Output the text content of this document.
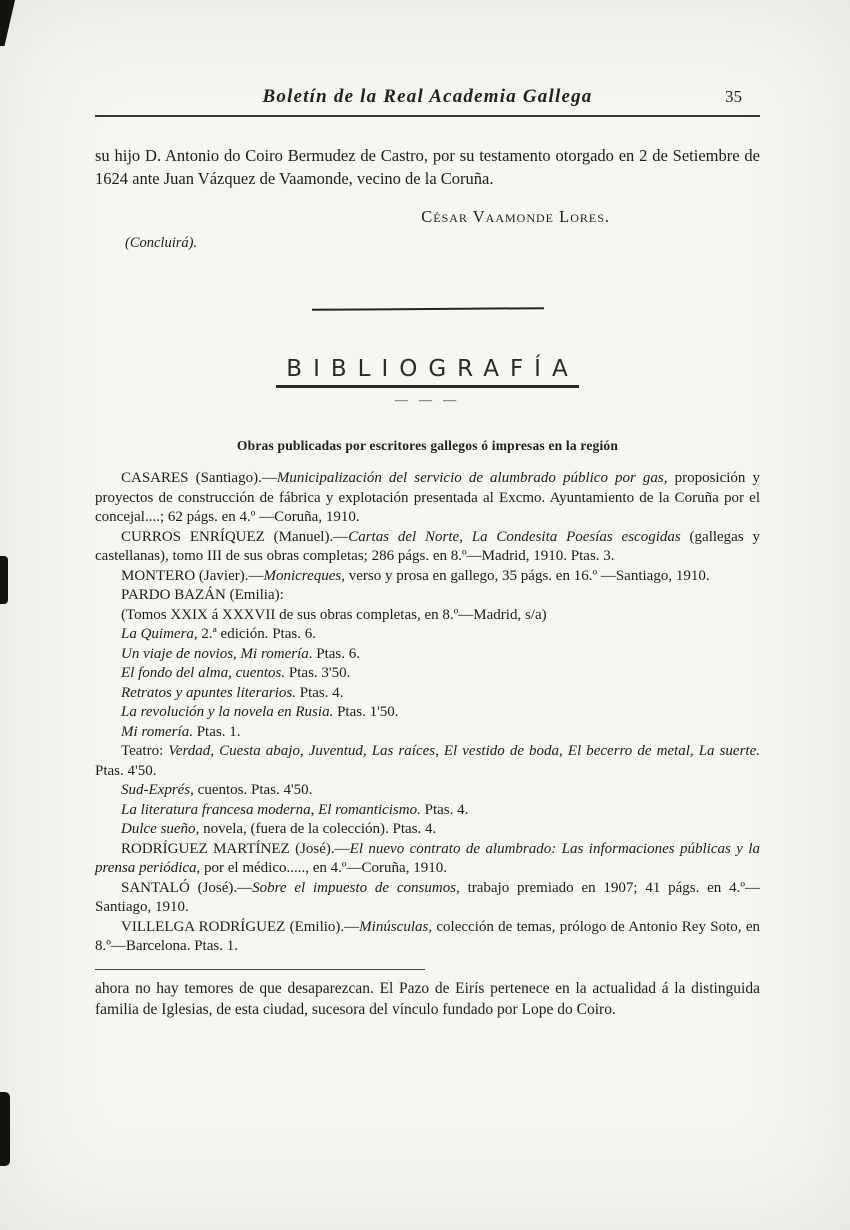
Boletín de la Real Academia Gallega	35

su hijo D. Antonio do Coiro Bermudez de Castro, por su testamento otorgado en 2 de Setiembre de 1624 ante Juan Vázquez de Vaamonde, vecino de la Coruña.

César Vaamonde Lores.

(Concluirá).

BIBLIOGRAFÍA
— — —
Obras publicadas por escritores gallegos ó impresas en la región

CASARES (Santiago).—Municipalización del servicio de alumbrado público por gas, proposición y proyectos de construcción de fábrica y explotación presentada al Excmo. Ayuntamiento de la Coruña por el concejal....; 62 págs. en 4.º —Coruña, 1910.

CURROS ENRÍQUEZ (Manuel).—Cartas del Norte, La Condesita Poesías escogidas (gallegas y castellanas), tomo III de sus obras completas; 286 págs. en 8.º—Madrid, 1910. Ptas. 3.

MONTERO (Javier).—Monicreques, verso y prosa en gallego, 35 págs. en 16.º —Santiago, 1910.

PARDO BAZÁN (Emilia):

(Tomos XXIX á XXXVII de sus obras completas, en 8.º—Madrid, s/a)

La Quimera, 2.ª edición. Ptas. 6.

Un viaje de novios, Mi romería. Ptas. 6.

El fondo del alma, cuentos. Ptas. 3'50.

Retratos y apuntes literarios. Ptas. 4.

La revolución y la novela en Rusia. Ptas. 1'50.

Mi romería. Ptas. 1.

Teatro: Verdad, Cuesta abajo, Juventud, Las raíces, El vestido de boda, El becerro de metal, La suerte. Ptas. 4'50.

Sud-Exprés, cuentos. Ptas. 4'50.

La literatura francesa moderna, El romanticismo. Ptas. 4.

Dulce sueño, novela, (fuera de la colección). Ptas. 4.

RODRÍGUEZ MARTÍNEZ (José).—El nuevo contrato de alumbrado: Las informaciones públicas y la prensa periódica, por el médico....., en 4.º—Coruña, 1910.

SANTALÓ (José).—Sobre el impuesto de consumos, trabajo premiado en 1907; 41 págs. en 4.º—Santiago, 1910.

VILLELGA RODRÍGUEZ (Emilio).—Minúsculas, colección de temas, prólogo de Antonio Rey Soto, en 8.º—Barcelona. Ptas. 1.

ahora no hay temores de que desaparezcan. El Pazo de Eirís pertenece en la actualidad á la distinguida familia de Iglesias, de esta ciudad, sucesora del vínculo fundado por Lope do Coiro.
